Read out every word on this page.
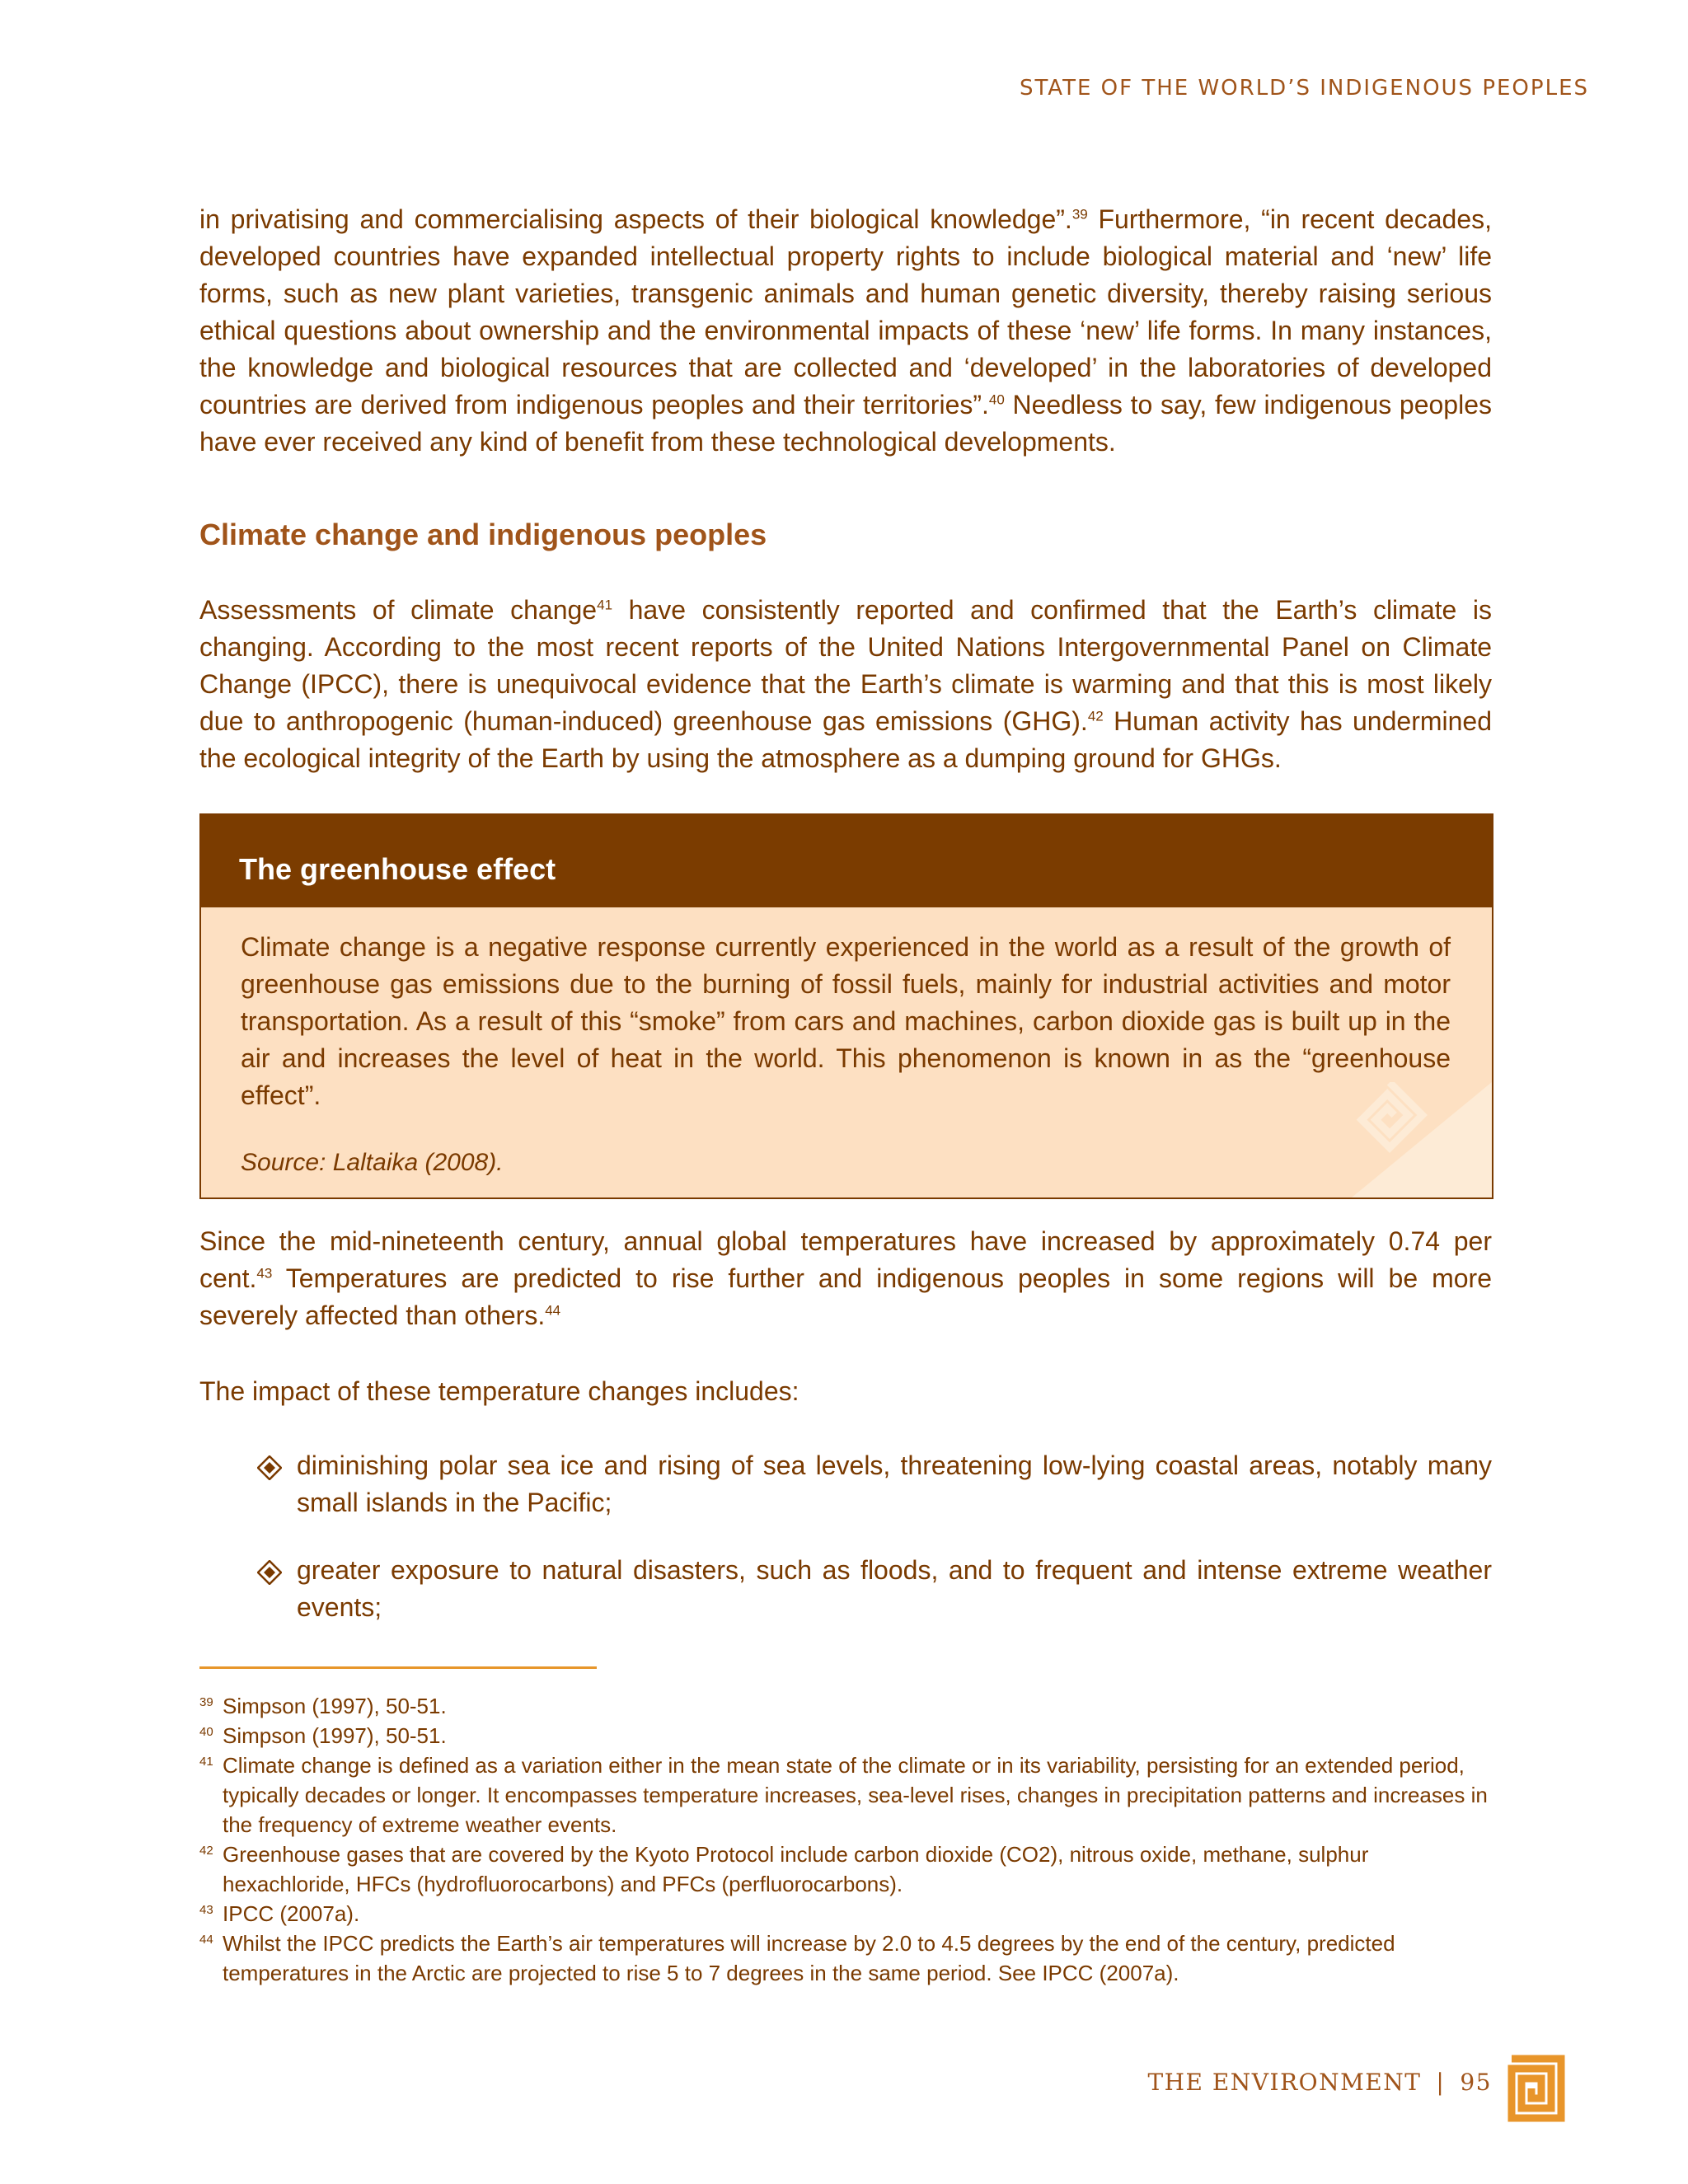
STATE OF THE WORLD’S INDIGENOUS PEOPLES

in privatising and commercialising aspects of their biological knowledge”.$^{39}$ Furthermore, “in recent decades, developed countries have expanded intellectual property rights to include biological material and ‘new’ life forms, such as new plant varieties, transgenic animals and human genetic diversity, thereby raising serious ethical questions about ownership and the environmental impacts of these ‘new’ life forms. In many instances, the knowledge and biological resources that are collected and ‘developed’ in the laboratories of developed countries are derived from indigenous peoples and their territories”.$^{40}$ Needless to say, few indigenous peoples have ever received any kind of benefit from these technological developments.

Climate change and indigenous peoples

Assessments of climate change$^{41}$ have consistently reported and confirmed that the Earth’s climate is changing. According to the most recent reports of the United Nations Intergovernmental Panel on Climate Change (IPCC), there is unequivocal evidence that the Earth’s climate is warming and that this is most likely due to anthropogenic (human-induced) greenhouse gas emissions (GHG).$^{42}$ Human activity has undermined the ecological integrity of the Earth by using the atmosphere as a dumping ground for GHGs.

The greenhouse effect

Climate change is a negative response currently experienced in the world as a result of the growth of greenhouse gas emissions due to the burning of fossil fuels, mainly for industrial activities and motor transportation. As a result of this “smoke” from cars and machines, carbon dioxide gas is built up in the air and increases the level of heat in the world. This phenomenon is known in as the “greenhouse effect”.

Source: Laltaika (2008).

Since the mid-nineteenth century, annual global temperatures have increased by approximately 0.74 per cent.$^{43}$ Temperatures are predicted to rise further and indigenous peoples in some regions will be more severely affected than others.$^{44}$

The impact of these temperature changes includes:

diminishing polar sea ice and rising of sea levels, threatening low-lying coastal areas, notably many small islands in the Pacific;

greater exposure to natural disasters, such as floods, and to frequent and intense extreme weather events;

39 Simpson (1997), 50-51.
40 Simpson (1997), 50-51.
41 Climate change is defined as a variation either in the mean state of the climate or in its variability, persisting for an extended period, typically decades or longer. It encompasses temperature increases, sea-level rises, changes in precipitation patterns and increases in the frequency of extreme weather events.
42 Greenhouse gases that are covered by the Kyoto Protocol include carbon dioxide (CO2), nitrous oxide, methane, sulphur hexachloride, HFCs (hydrofluorocarbons) and PFCs (perfluorocarbons).
43 IPCC (2007a).
44 Whilst the IPCC predicts the Earth’s air temperatures will increase by 2.0 to 4.5 degrees by the end of the century, predicted temperatures in the Arctic are projected to rise 5 to 7 degrees in the same period. See IPCC (2007a).
THE ENVIRONMENT | 95
